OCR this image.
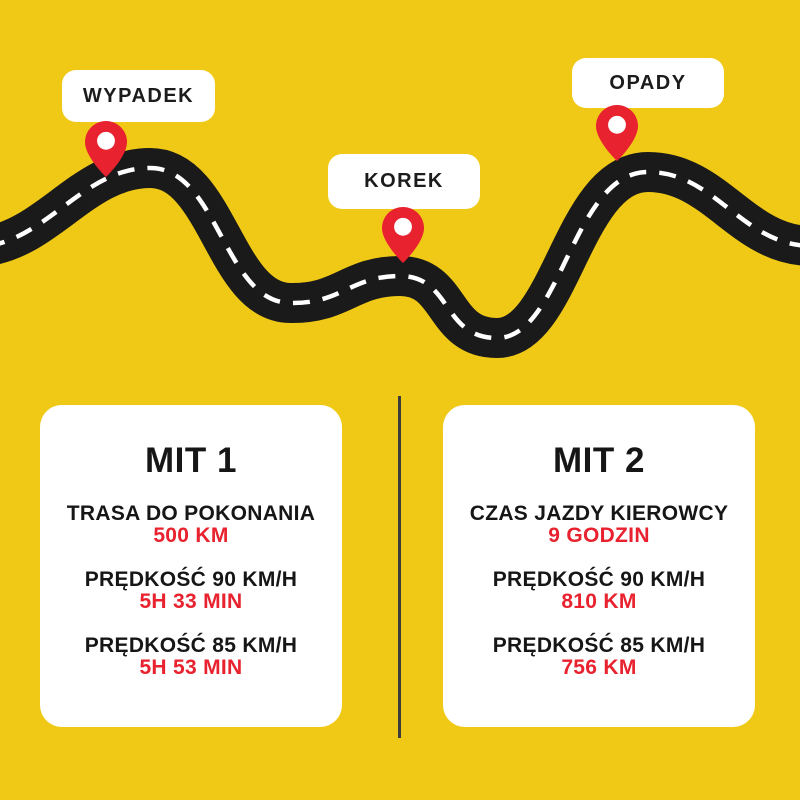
WYPADEK
KOREK
OPADY
MIT 1
TRASA DO POKONANIA
500 KM
PRĘDKOŚĆ 90 KM/H
5H 33 MIN
PRĘDKOŚĆ 85 KM/H
5H 53 MIN
MIT 2
CZAS JAZDY KIEROWCY
9 GODZIN
PRĘDKOŚĆ 90 KM/H
810 KM
PRĘDKOŚĆ 85 KM/H
756 KM
